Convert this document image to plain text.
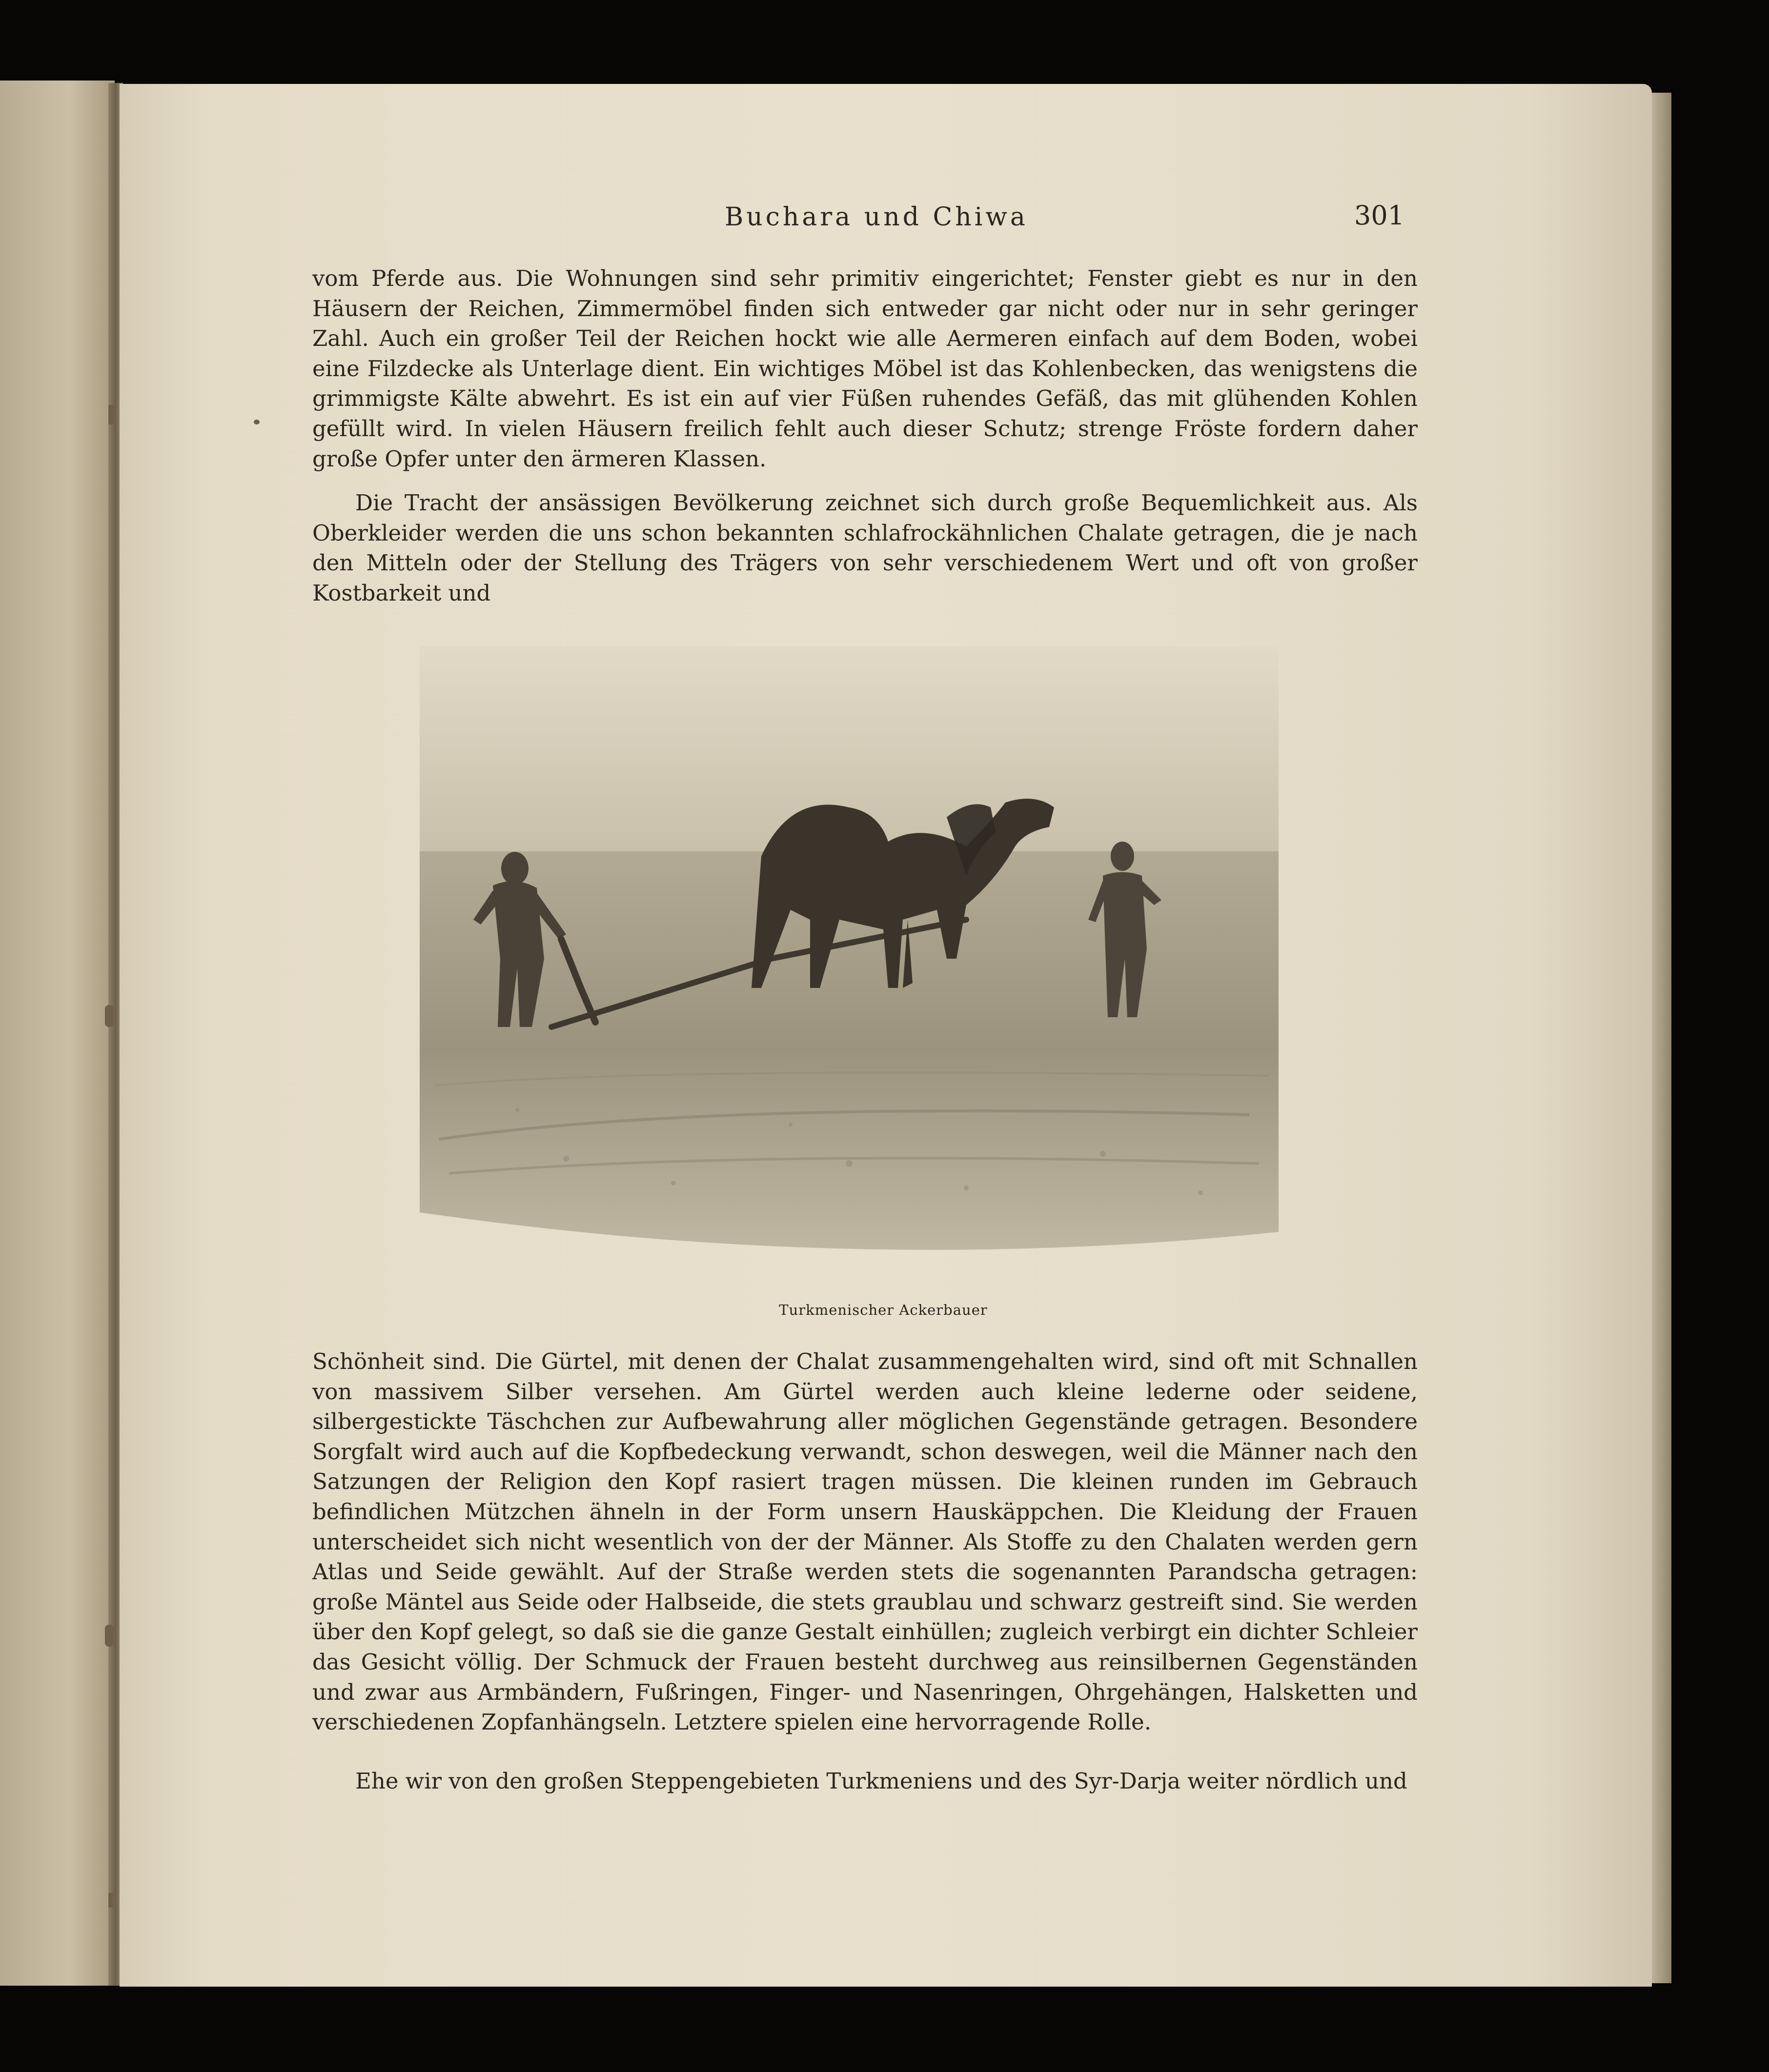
Buchara und Chiwa	301

vom Pferde aus. Die Wohnungen sind sehr primitiv eingerichtet; Fenster giebt es nur in den Häusern der Reichen, Zimmermöbel finden sich entweder gar nicht oder nur in sehr geringer Zahl. Auch ein großer Teil der Reichen hockt wie alle Aermeren einfach auf dem Boden, wobei eine Filzdecke als Unterlage dient. Ein wichtiges Möbel ist das Kohlenbecken, das wenigstens die grimmigste Kälte abwehrt. Es ist ein auf vier Füßen ruhendes Gefäß, das mit glühenden Kohlen gefüllt wird. In vielen Häusern freilich fehlt auch dieser Schutz; strenge Fröste fordern daher große Opfer unter den ärmeren Klassen.

Die Tracht der ansässigen Bevölkerung zeichnet sich durch große Bequemlichkeit aus. Als Oberkleider werden die uns schon bekannten schlafrockähnlichen Chalate getragen, die je nach den Mitteln oder der Stellung des Trägers von sehr verschiedenem Wert und oft von großer Kostbarkeit und

Turkmenischer Ackerbauer

Schönheit sind. Die Gürtel, mit denen der Chalat zusammengehalten wird, sind oft mit Schnallen von massivem Silber versehen. Am Gürtel werden auch kleine lederne oder seidene, silbergestickte Täschchen zur Aufbewahrung aller möglichen Gegenstände getragen. Besondere Sorgfalt wird auch auf die Kopfbedeckung verwandt, schon deswegen, weil die Männer nach den Satzungen der Religion den Kopf rasiert tragen müssen. Die kleinen runden im Gebrauch befindlichen Mützchen ähneln in der Form unsern Hauskäppchen. Die Kleidung der Frauen unterscheidet sich nicht wesentlich von der der Männer. Als Stoffe zu den Chalaten werden gern Atlas und Seide gewählt. Auf der Straße werden stets die sogenannten Parandscha getragen: große Mäntel aus Seide oder Halbseide, die stets graublau und schwarz gestreift sind. Sie werden über den Kopf gelegt, so daß sie die ganze Gestalt einhüllen; zugleich verbirgt ein dichter Schleier das Gesicht völlig. Der Schmuck der Frauen besteht durchweg aus reinsilbernen Gegenständen und zwar aus Armbändern, Fußringen, Finger- und Nasenringen, Ohrgehängen, Halsketten und verschiedenen Zopfanhängseln. Letztere spielen eine hervorragende Rolle.

Ehe wir von den großen Steppengebieten Turkmeniens und des Syr-Darja weiter nördlich und
